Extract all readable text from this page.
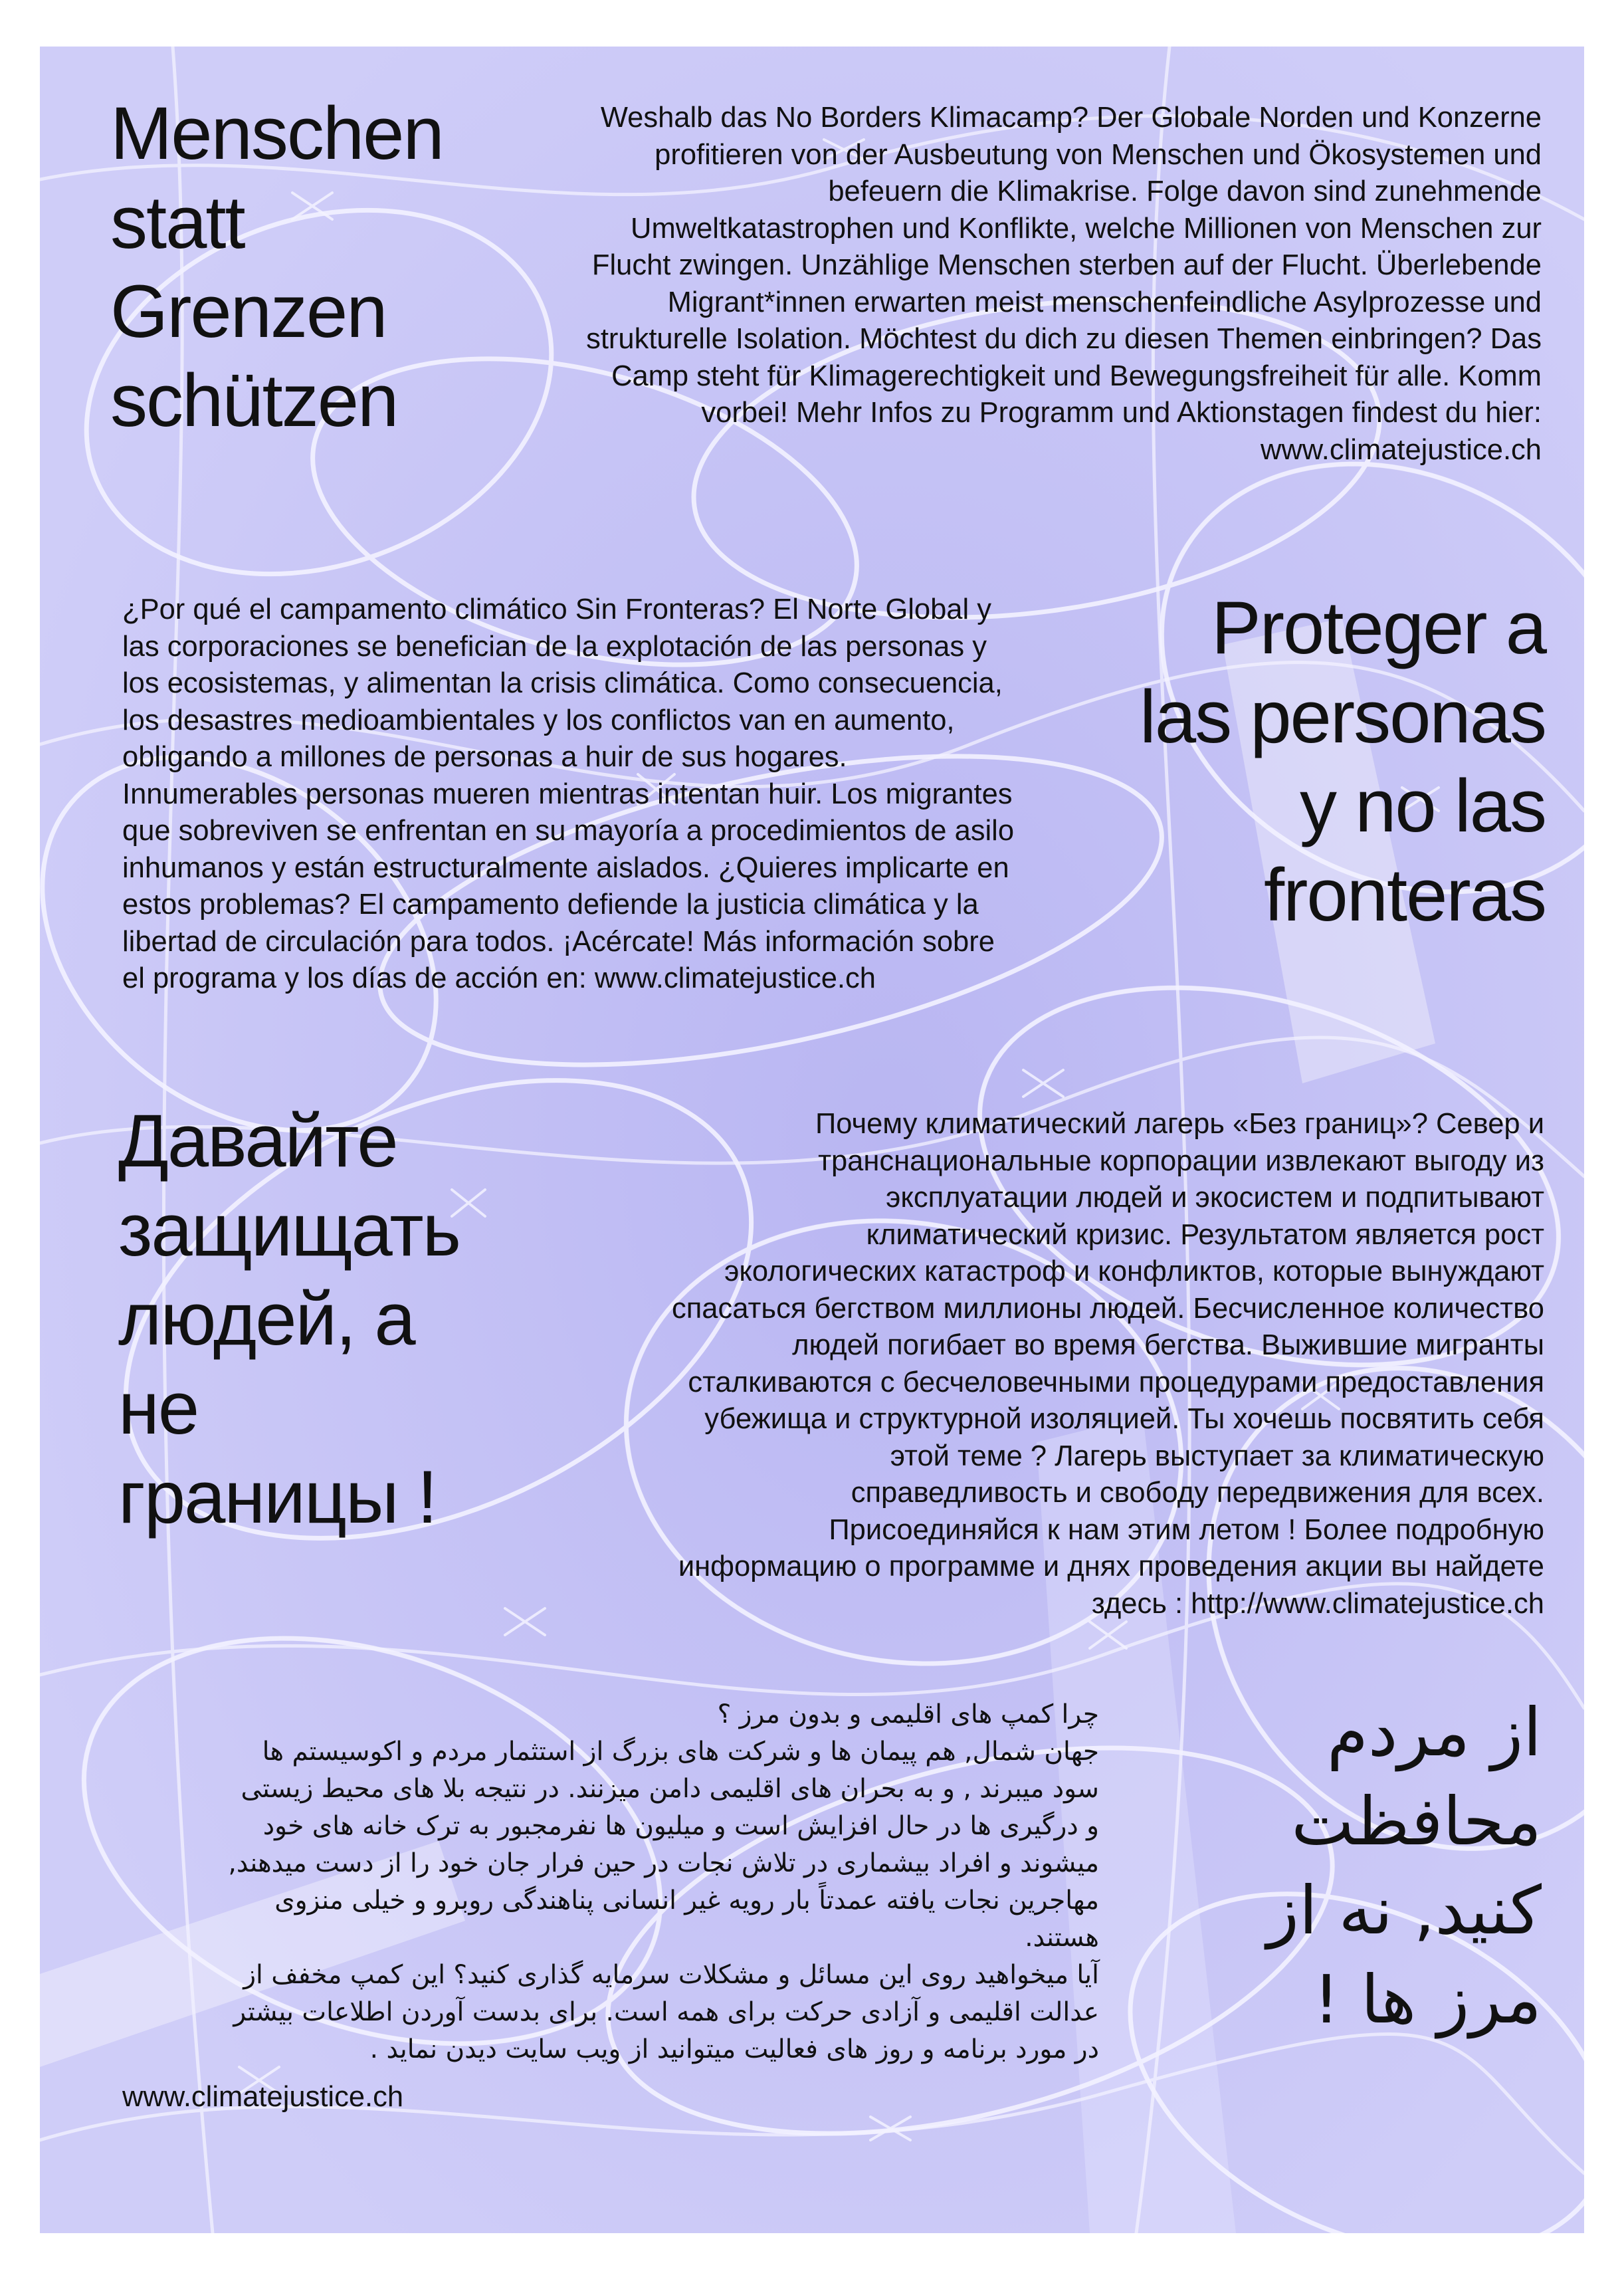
Menschen
statt
Grenzen
schützen
Weshalb das No Borders Klimacamp? Der Globale Norden und Konzerne
profitieren von der Ausbeutung von Menschen und Ökosystemen und
befeuern die Klimakrise. Folge davon sind zunehmende
Umweltkatastrophen und Konflikte, welche Millionen von Menschen zur
Flucht zwingen. Unzählige Menschen sterben auf der Flucht. Überlebende
Migrant*innen erwarten meist menschenfeindliche Asylprozesse und
strukturelle Isolation. Möchtest du dich zu diesen Themen einbringen? Das
Camp steht für Klimagerechtigkeit und Bewegungsfreiheit für alle. Komm
vorbei! Mehr Infos zu Programm und Aktionstagen findest du hier:
www.climatejustice.ch
¿Por qué el campamento climático Sin Fronteras? El Norte Global y
las corporaciones se benefician de la explotación de las personas y
los ecosistemas, y alimentan la crisis climática. Como consecuencia,
los desastres medioambientales y los conflictos van en aumento,
obligando a millones de personas a huir de sus hogares.
Innumerables personas mueren mientras intentan huir. Los migrantes
que sobreviven se enfrentan en su mayoría a procedimientos de asilo
inhumanos y están estructuralmente aislados. ¿Quieres implicarte en
estos problemas? El campamento defiende la justicia climática y la
libertad de circulación para todos. ¡Acércate! Más información sobre
el programa y los días de acción en: www.climatejustice.ch
Proteger a
las personas
y no las
fronteras
Давайте
защищать
людей, а
не
границы !
Почему климатический лагерь «Без границ»? Север и
транснациональные корпорации извлекают выгоду из
эксплуатации людей и экосистем и подпитывают
климатический кризис. Результатом является рост
экологических катастроф и конфликтов, которые вынуждают
спасаться бегством миллионы людей. Бесчисленное количество
людей погибает во время бегства. Выжившие мигранты
сталкиваются с бесчеловечными процедурами предоставления
убежища и структурной изоляцией. Ты хочешь посвятить себя
этой теме ? Лагерь выступает за климатическую
справедливость и свободу передвижения для всех.
Присоединяйся к нам этим летом ! Более подробную
информацию о программе и днях проведения акции вы найдете
здесь : http://www.climatejustice.ch
چرا کمپ های اقلیمی و بدون مرز ؟
جهان شمال, هم پیمان ها و شرکت های بزرگ از استثمار مردم و اکوسیستم ها
سود میبرند , و به بحران های اقلیمی دامن میزنند. در نتیجه بلا های محیط زیستی
و درگیری ها در حال افزایش است و میلیون ها نفرمجبور به ترک خانه های خود
میشوند و افراد بیشماری در تلاش نجات در حین فرار جان خود را از دست میدهند,
مهاجرین نجات یافته عمدتاً بار رویه غیر انسانی پناهندگی روبرو و خیلی منزوی
هستند.
آیا میخواهید روی این مسائل و مشکلات سرمایه گذاری کنید؟ این کمپ مخفف از
عدالت اقلیمی و آزادی حرکت برای همه است. برای بدست آوردن اطلاعات بیشتر
در مورد برنامه و روز های فعالیت میتوانید از ویب سایت دیدن نماید .
www.climatejustice.ch
از مردم
محافظت
کنید, نه از
مرز ها !
